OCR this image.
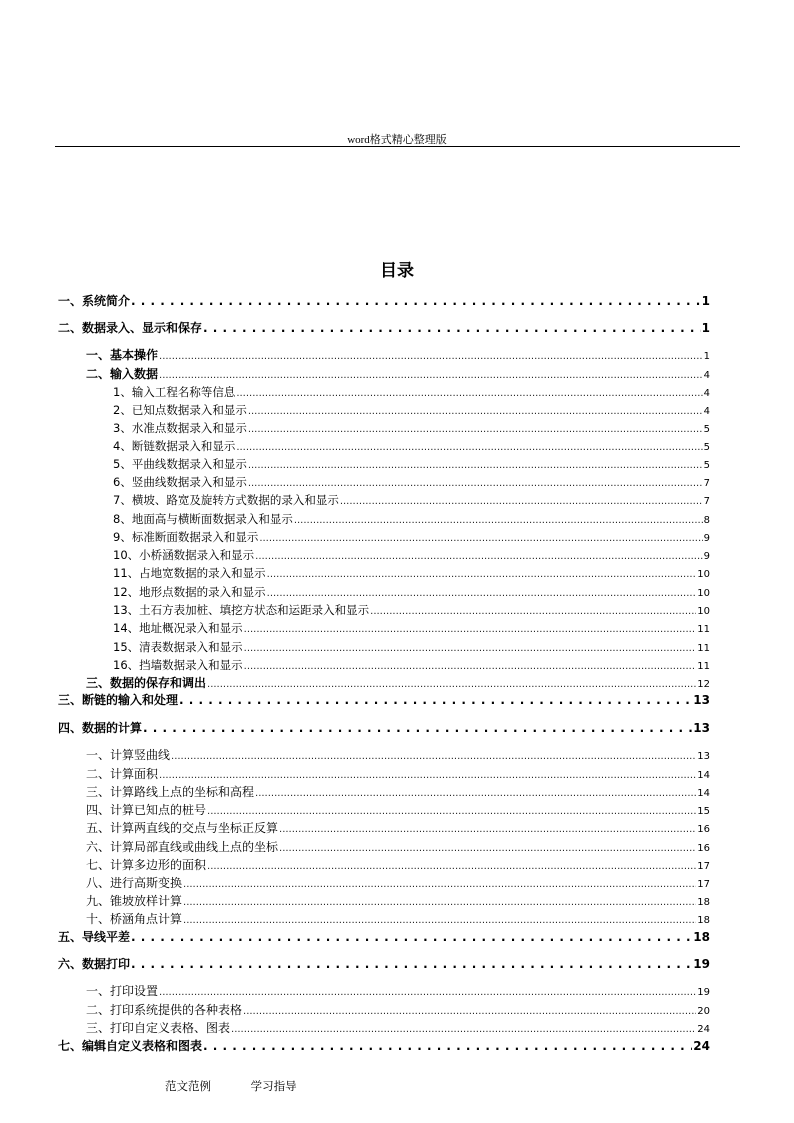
word格式精心整理版
目录
一、系统简介 . . .	1
二、数据录入、显示和保存 . . .	1
一、基本操作 .....	1
二、输入数据 .....	4
1、输入工程名称等信息 .....	4
2、已知点数据录入和显示 .....	4
3、水准点数据录入和显示 .....	5
4、断链数据录入和显示 .....	5
5、平曲线数据录入和显示 .....	5
6、竖曲线数据录入和显示 .....	7
7、横坡、路宽及旋转方式数据的录入和显示 .....	7
8、地面高与横断面数据录入和显示 .....	8
9、标准断面数据录入和显示 .....	9
10、小桥涵数据录入和显示 .....	9
11、占地宽数据的录入和显示 .....	10
12、地形点数据的录入和显示 .....	10
13、土石方表加桩、填挖方状态和运距录入和显示 .....	10
14、地址概况录入和显示 .....	11
15、清表数据录入和显示 .....	11
16、挡墙数据录入和显示 .....	11
三、数据的保存和调出 .....	12
三、断链的输入和处理 . . .	13
四、数据的计算 . . .	13
一、计算竖曲线 .....	13
二、计算面积 .....	14
三、计算路线上点的坐标和高程 .....	14
四、计算已知点的桩号 .....	15
五、计算两直线的交点与坐标正反算 .....	16
六、计算局部直线或曲线上点的坐标 .....	16
七、计算多边形的面积 .....	17
八、进行高斯变换 .....	17
九、锥坡放样计算 .....	18
十、桥涵角点计算 .....	18
五、导线平差 . . .	18
六、数据打印 . . .	19
一、打印设置 .....	19
二、打印系统提供的各种表格 .....	20
三、打印自定义表格、图表 .....	24
七、编辑自定义表格和图表 . . .	24
范文范例	学习指导
